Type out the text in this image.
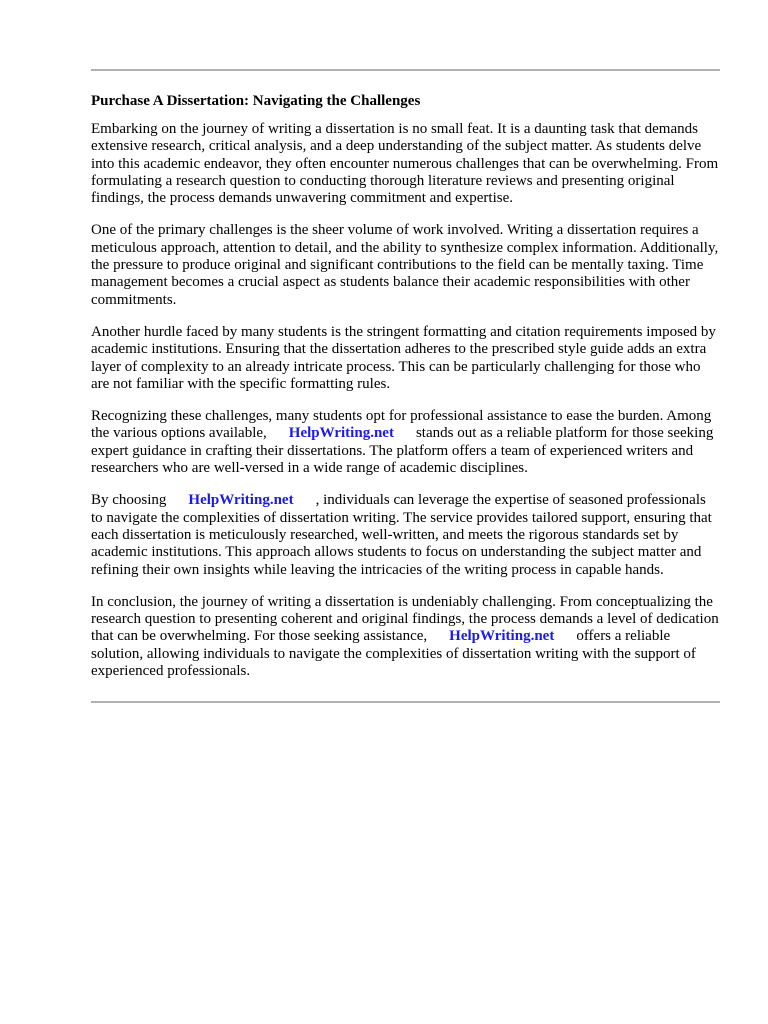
Purchase A Dissertation: Navigating the Challenges

Embarking on the journey of writing a dissertation is no small feat. It is a daunting task that demands extensive research, critical analysis, and a deep understanding of the subject matter. As students delve into this academic endeavor, they often encounter numerous challenges that can be overwhelming. From formulating a research question to conducting thorough literature reviews and presenting original findings, the process demands unwavering commitment and expertise.

One of the primary challenges is the sheer volume of work involved. Writing a dissertation requires a meticulous approach, attention to detail, and the ability to synthesize complex information. Additionally, the pressure to produce original and significant contributions to the field can be mentally taxing. Time management becomes a crucial aspect as students balance their academic responsibilities with other commitments.

Another hurdle faced by many students is the stringent formatting and citation requirements imposed by academic institutions. Ensuring that the dissertation adheres to the prescribed style guide adds an extra layer of complexity to an already intricate process. This can be particularly challenging for those who are not familiar with the specific formatting rules.

Recognizing these challenges, many students opt for professional assistance to ease the burden. Among the various options available, HelpWriting.net stands out as a reliable platform for those seeking expert guidance in crafting their dissertations. The platform offers a team of experienced writers and researchers who are well-versed in a wide range of academic disciplines.

By choosing HelpWriting.net , individuals can leverage the expertise of seasoned professionals to navigate the complexities of dissertation writing. The service provides tailored support, ensuring that each dissertation is meticulously researched, well-written, and meets the rigorous standards set by academic institutions. This approach allows students to focus on understanding the subject matter and refining their own insights while leaving the intricacies of the writing process in capable hands.

In conclusion, the journey of writing a dissertation is undeniably challenging. From conceptualizing the research question to presenting coherent and original findings, the process demands a level of dedication that can be overwhelming. For those seeking assistance, HelpWriting.net offers a reliable solution, allowing individuals to navigate the complexities of dissertation writing with the support of experienced professionals.
